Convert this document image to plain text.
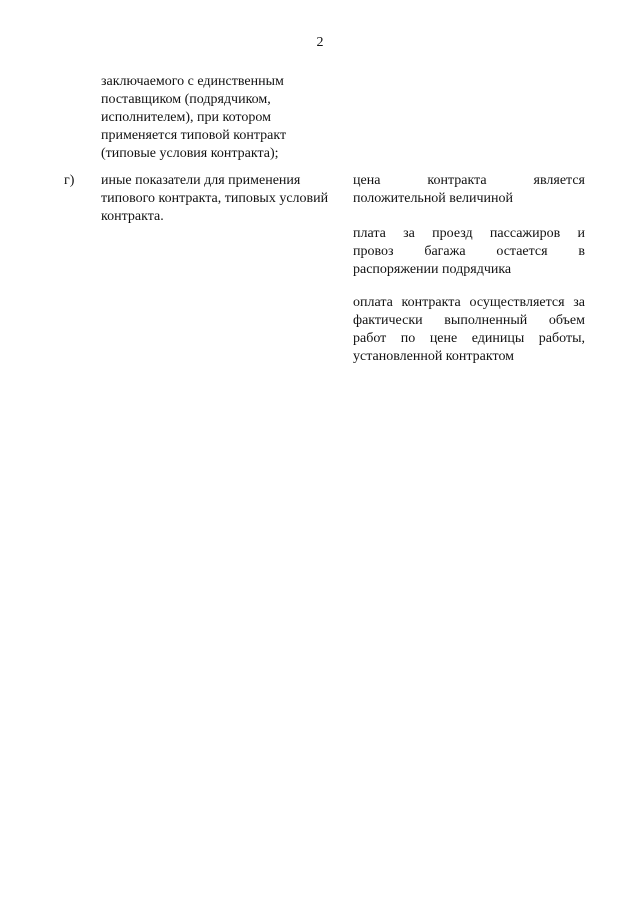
2
заключаемого с единственным
поставщиком (подрядчиком,
исполнителем), при котором
применяется типовой контракт
(типовые условия контракта);
г) иные показатели для применения
типового контракта, типовых условий
контракта.
цена контракта является
положительной величиной
плата за проезд пассажиров и
провоз багажа остается в
распоряжении подрядчика
оплата контракта осуществляется за
фактически выполненный объем
работ по цене единицы работы,
установленной контрактом
